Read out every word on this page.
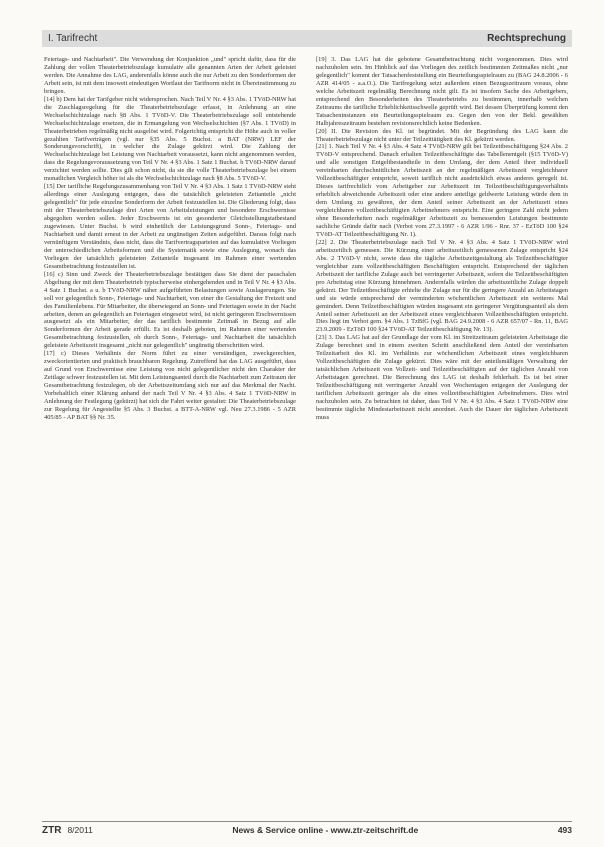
I. Tarifrecht	Rechtsprechung

Feiertags- und Nachtarbeit". Die Verwendung der Konjunktion „und" spricht dafür, dass für die Zahlung der vollen Theaterbetriebszulage kumulativ alle genannten Arten der Arbeit geleistet werden. Die Annahme des LAG, anderenfalls könne auch die nur Arbeit zu den Sonderformen der Arbeit sein, ist mit dem insoweit eindeutigen Wortlaut der Tarifnorm nicht in Übereinstimmung zu bringen.

[14] b) Dem hat der Tarifgeber nicht widersprochen. Nach Teil V Nr. 4 §3 Abs. 1 TVöD-NRW hat die Zuschlagsregelung für die Theaterbetriebszulage erfasst, in Anlehnung an eine Wechselschichtzulage nach §8 Abs. 1 TVöD-V. Die Theaterbetriebszulage soll entstehende Wechselschichtzulage ersetzen, die in Ermangelung von Wechselschichten (§7 Abs. 1 TVöD) in Theaterbetrieben regelmäßig nicht ausgelöst wird. Folgerichtig entspricht die Höhe auch in voller gezahlten Tarifverträgen (vgl. nur §35 Abs. 5 Buchst. a BAT (NRW) LEF der Sonderungsvorschrift), in welcher die Zulage gekürzt wird. Die Zahlung der Wechselschichtzulage bei Leistung von Nachtarbeit voraussetzt, kann nicht angenommen werden, dass die Regelungsvoraussetzung von Teil V Nr. 4 §3 Abs. 1 Satz 1 Buchst. b TVöD-NRW darauf verzichtet werden sollte. Dies gilt schon nicht, da sie die volle Theaterbetriebszulage bei einem monatlichen Vergleich höher ist als die Wechselschichtzulage nach §8 Abs. 5 TVöD-V.

[15] Der tarifliche Regelungszusammenhang von Teil V Nr. 4 §3 Abs. 1 Satz 1 TVöD-NRW steht allerdings einer Auslegung entgegen, dass die tatsächlich geleisteten Zeitanteile „nicht gelegentlich" für jede einzelne Sonderform der Arbeit festzustellen ist. Die Gliederung folgt, dass mit der Theaterbetriebszulage drei Arten von Arbeitsleistungen und besondere Erschwernisse abgegolten werden sollen. Jeder Erschwernis ist ein gesonderter Gleichstellungstatbestand zugewiesen. Unter Buchst. b wird einheitlich der Leistungsgrund Sonn-, Feiertags- und Nachtarbeit und damit erneut in der Arbeit zu ungünstigen Zeiten aufgeführt. Daraus folgt nach vernünftigem Verständnis, dass nicht, dass die Tarifvertragsparteien auf das kumulative Vorliegen der unterschiedlichen Arbeitsformen und die Systematik sowie eine Auslegung, wonach das Vorliegen der tatsächlich geleisteten Zeitanteile insgesamt im Rahmen einer wertenden Gesamtbetrachtung festzustellen ist.

[16] c) Sinn und Zweck der Theaterbetriebszulage bestätigen dass Sie dient der pauschalen Abgeltung der mit dem Theaterbetrieb typischerweise einhergehenden und in Teil V Nr. 4 §3 Abs. 4 Satz 1 Buchst. a u. b TVöD-NRW näher aufgeführten Belastungen sowie Auslagerungen. Sie soll vor gelegentlich Sonn-, Feiertags- und Nachtarbeit, von einer die Gestaltung der Freizeit und des Familienlebens. Für Mitarbeiter, die überwiegend an Sonn- und Feiertagen sowie in der Nacht arbeiten, denen an gelegentlich an Feiertagen eingesetzt wird, ist nicht geringeren Erschwernissen ausgesetzt als ein Mitarbeiter, der das tariflich bestimmte Zeitmaß in Bezug auf alle Sonderformen der Arbeit gerade erfüllt. Es ist deshalb geboten, im Rahmen einer wertenden Gesamtbetrachtung festzustellen, ob durch Sonn-, Feiertags- und Nachtarbeit die tatsächlich geleistete Arbeitszeit insgesamt „nicht nur gelegentlich" ungünstig überschritten wird.

[17] c) Dieses Verhältnis der Norm führt zu einer verständigen, zweckgerechten, zweckorientierten und praktisch brauchbaren Regelung. Zutreffend hat das LAG ausgeführt, dass auf Grund von Erschwernisse eine Leistung von nicht gelegentlicher nicht den Charakter der Zeitlage schwer festzustellen ist. Mit dem Leistungsanteil durch die Nachtarbeit zum Zeitraum der Gesamtbetrachtung festzulegen, ob der Arbeitszeitumfang sich nur auf das Merkmal der Nacht. Vorbehaltlich einer Klärung anhand der nach Teil V Nr. 4 §3 Abs. 4 Satz 1 TVöD-NRW in Anlehnung der Festlegung (gekürzt) hat sich die Fahrt weiter gestaltet: Die Theaterbetriebszulage zur Regelung für Angestellte §5 Abs. 3 Buchst. a BTT-A-NRW vgl. Neu 27.3.1986 - 5 AZR 405/85 - AP BAT §§ Nr. 35.

[19] 3. Das LAG hat die gebotene Gesamtbetrachtung nicht vorgenommen. Dies wird nachzuholen sein. Im Hinblick auf das Vorliegen des zeitlich bestimmten Zeitmaßes nicht „nur gelegentlich" kommt der Tatsachenfeststellung ein Beurteilungsspielraum zu (BAG 24.8.2006 - 6 AZR 414/05 - a.a.O.). Die Tarifregelung setzt außerdem einen Bezugszeitraum voraus, ohne welche Arbeitszeit regelmäßig Berechnung nicht gilt. Es ist insofern Sache des Arbeitgebers, entsprechend den Besonderheiten des Theaterbetriebs zu bestimmen, innerhalb welchen Zeitraums die tarifliche Erheblichkeitsschwelle geprüft wird. Bei dessen Überprüfung kommt den Tatsacheninstanzen ein Beurteilungsspielraum zu. Gegen den von der Bekl. gewählten Halbjahreszeitraum bestehen revisionsrechtlich keine Bedenken.

[20] II. Die Revision des Kl. ist begründet. Mit der Begründung des LAG kann die Theaterbetriebszulage nicht unter der Teilzeittätigkeit des Kl. gekürzt werden.

[21] 1. Nach Teil V Nr. 4 §3 Abs. 4 Satz 4 TVöD-NRW gilt bei Teilzeitbeschäftigung §24 Abs. 2 TVöD-V entsprechend. Danach erhalten Teilzeitbeschäftigte das Tabellenentgelt (§15 TVöD-V) und alle sonstigen Entgeltbestandteile in dem Umfang, der dem Anteil ihrer individuell vereinbarten durchschnittlichen Arbeitszeit an der regelmäßigen Arbeitszeit vergleichbarer Vollzeitbeschäftigter entspricht, soweit tariflich nicht ausdrücklich etwas anderes geregelt ist. Dieses tarifrechtlich vom Arbeitgeber zur Arbeitszeit im Teilzeitbeschäftigungsverhältnis erheblich abweichende Arbeitszeit oder eine andere anteilige geldwerte Leistung würde dem in dem Umfang zu gewähren, der dem Anteil seiner Arbeitszeit an der Arbeitszeit eines vergleichbaren vollzeitbeschäftigten Arbeitnehmers entspricht. Eine geringere Zahl nicht jedem ohne Besonderheiten nach regelmäßiger Arbeitszeit zu bemessenden Leistungen bestimmte sachliche Gründe dafür nach (Verbot vom 27.3.1997 - 6 AZR 1/96 - Rnr. 37 - EzTöD 100 §24 TVöD-AT Teilzeitbeschäftigung Nr. 1).

[22] 2. Die Theaterbetriebszulage nach Teil V Nr. 4 §3 Abs. 4 Satz 1 TVöD-NRW wird arbeitszeitlich gemessen. Die Kürzung einer arbeitszeitlich gemessenen Zulage entspricht §24 Abs. 2 TVöD-V nicht, sowie dass die tägliche Arbeitszeitgestaltung als Teilzeitbeschäftigter vergleichbar zum vollzeitbeschäftigten Beschäftigten entspricht. Entsprechend der täglichen Arbeitszeit der tarifliche Zulage auch bei verringerter Arbeitszeit, sofern die Teilzeitbeschäftigten pro Arbeitstag eine Kürzung hinnehmen. Andernfalls würden die arbeitszeitliche Zulage doppelt gekürzt. Der Teilzeitbeschäftigte erhielte die Zulage nur für die geringere Anzahl an Arbeitstagen und sie würde entsprechend der verminderten wöchentlichen Arbeitszeit ein weiteres Mal gemindert. Denn Teilzeitbeschäftigten würden insgesamt ein geringerer Vergütungsanteil als dem Anteil seiner Arbeitszeit an der Arbeitszeit eines vergleichbaren Vollzeitbeschäftigten entspricht. Dies liegt im Verbot gem. §4 Abs. 1 TzBfG (vgl. BAG 24.9.2008 - 6 AZR 657/07 - Rn. 11, BAG 23.9.2009 - EzTöD 100 §24 TVöD-AT Teilzeitbeschäftigung Nr. 13).

[23] 3. Das LAG hat auf der Grundlage der vom Kl. im Streitzeitraum geleisteten Arbeitstage die Zulage berechnet und in einem zweiten Schritt anschließend dem Anteil der vereinbarten Teilzeitarbeit des Kl. im Verhältnis zur wöchentlichen Arbeitszeit eines vergleichbaren Vollzeitbeschäftigten die Zulage gekürzt. Dies wäre mit der anteilsmäßigen Verwaltung der tatsächlichen Arbeitszeit von Vollzeit- und Teilzeitbeschäftigten auf der täglichen Anzahl von Arbeitstagen gerechnet. Die Berechnung des LAG ist deshalb fehlerhaft. Es ist bei einer Teilzeitbeschäftigung mit verringerter Anzahl von Wochentagen entgegen der Auslegung der tariflichen Arbeitszeit geringer als die eines vollzeitbeschäftigten Arbeitnehmers. Dies wird nachzuholen sein. Zu betrachten ist daher, dass Teil V Nr. 4 §3 Abs. 4 Satz 1 TVöD-NRW eine bestimmte tägliche Mindestarbeitszeit nicht anordnet. Auch die Dauer der täglichen Arbeitszeit muss

ZTR 8/2011	News & Service online - www.ztr-zeitschrift.de	493
